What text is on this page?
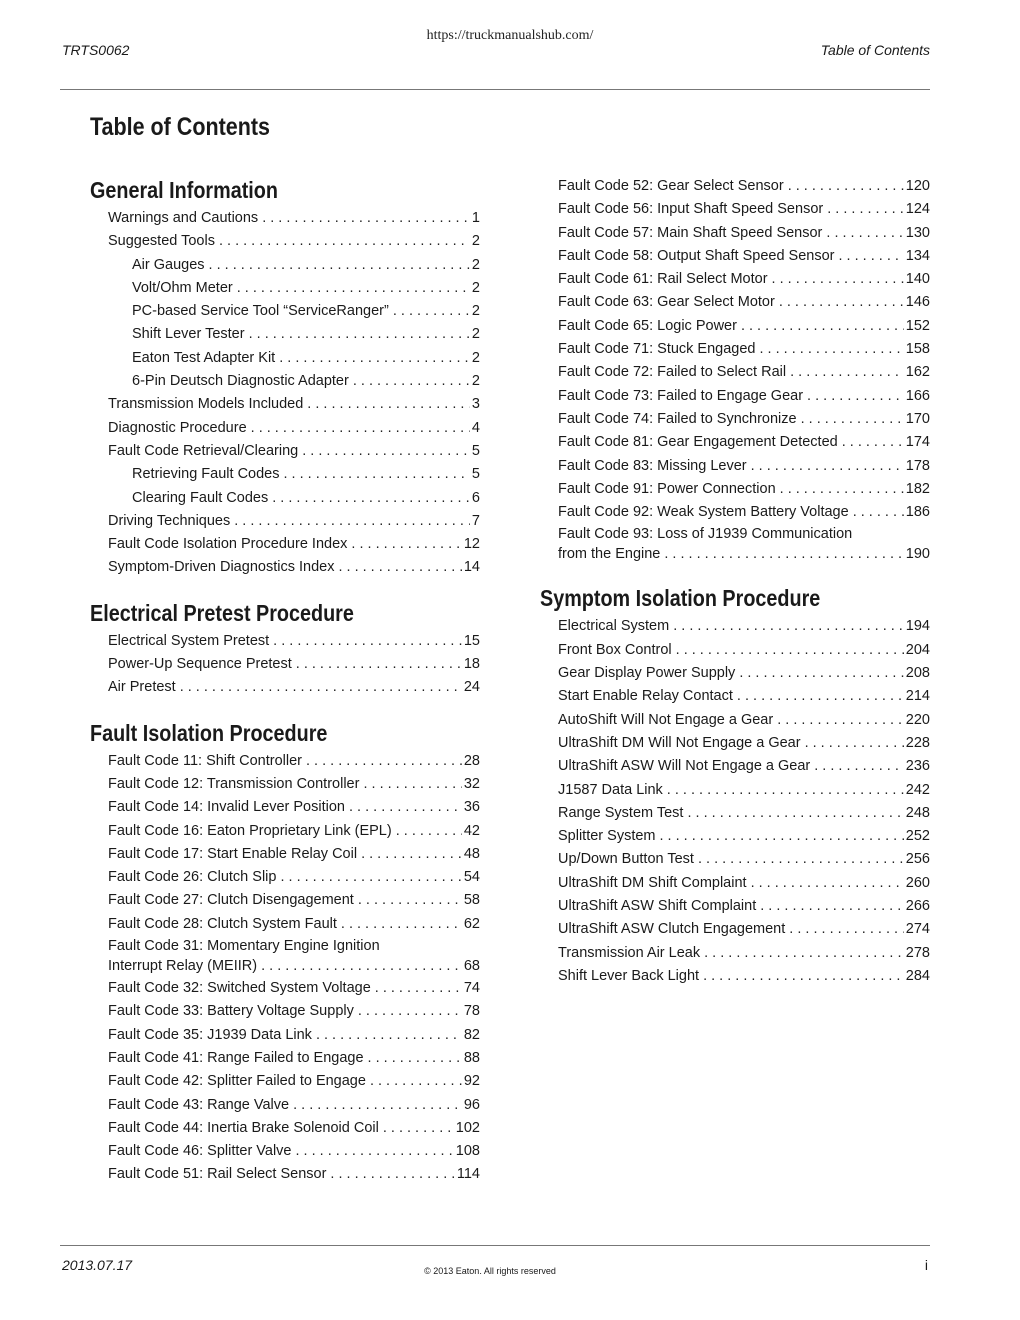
https://truckmanualshub.com/
TRTS0062	Table of Contents
Table of Contents
General Information
Warnings and Cautions . . .	1
Suggested Tools . . .	2
Air Gauges . . .	2
Volt/Ohm Meter . . .	2
PC-based Service Tool “ServiceRanger” . . .	2
Shift Lever Tester . . .	2
Eaton Test Adapter Kit . . .	2
6-Pin Deutsch Diagnostic Adapter . . .	2
Transmission Models Included . . .	3
Diagnostic Procedure . . .	4
Fault Code Retrieval/Clearing . . .	5
Retrieving Fault Codes . . .	5
Clearing Fault Codes . . .	6
Driving Techniques . . .	7
Fault Code Isolation Procedure Index . . .	12
Symptom-Driven Diagnostics Index . . .	14
Electrical Pretest Procedure
Electrical System Pretest . . .	15
Power-Up Sequence Pretest . . .	18
Air Pretest . . .	24
Fault Isolation Procedure
Fault Code 11: Shift Controller . . .	28
Fault Code 12: Transmission Controller . . .	32
Fault Code 14: Invalid Lever Position . . .	36
Fault Code 16: Eaton Proprietary Link (EPL) . . .	42
Fault Code 17: Start Enable Relay Coil . . .	48
Fault Code 26: Clutch Slip . . .	54
Fault Code 27: Clutch Disengagement . . .	58
Fault Code 28: Clutch System Fault . . .	62
Fault Code 31: Momentary Engine Ignition
Interrupt Relay (MEIIR) . . .	68
Fault Code 32: Switched System Voltage . . .	74
Fault Code 33: Battery Voltage Supply . . .	78
Fault Code 35: J1939 Data Link . . .	82
Fault Code 41: Range Failed to Engage . . .	88
Fault Code 42: Splitter Failed to Engage . . .	92
Fault Code 43: Range Valve . . .	96
Fault Code 44: Inertia Brake Solenoid Coil . . .	102
Fault Code 46: Splitter Valve . . .	108
Fault Code 51: Rail Select Sensor . . .	114
Fault Code 52: Gear Select Sensor . . .	120
Fault Code 56: Input Shaft Speed Sensor . . .	124
Fault Code 57: Main Shaft Speed Sensor . . .	130
Fault Code 58: Output Shaft Speed Sensor . . .	134
Fault Code 61: Rail Select Motor . . .	140
Fault Code 63: Gear Select Motor . . .	146
Fault Code 65: Logic Power . . .	152
Fault Code 71: Stuck Engaged . . .	158
Fault Code 72: Failed to Select Rail . . .	162
Fault Code 73: Failed to Engage Gear . . .	166
Fault Code 74: Failed to Synchronize . . .	170
Fault Code 81: Gear Engagement Detected . . .	174
Fault Code 83: Missing Lever . . .	178
Fault Code 91: Power Connection . . .	182
Fault Code 92: Weak System Battery Voltage . . .	186
Fault Code 93: Loss of J1939 Communication
from the Engine . . .	190
Symptom Isolation Procedure
Electrical System . . .	194
Front Box Control . . .	204
Gear Display Power Supply . . .	208
Start Enable Relay Contact . . .	214
AutoShift Will Not Engage a Gear . . .	220
UltraShift DM Will Not Engage a Gear . . .	228
UltraShift ASW Will Not Engage a Gear . . .	236
J1587 Data Link . . .	242
Range System Test . . .	248
Splitter System . . .	252
Up/Down Button Test . . .	256
UltraShift DM Shift Complaint . . .	260
UltraShift ASW Shift Complaint . . .	266
UltraShift ASW Clutch Engagement . . .	274
Transmission Air Leak . . .	278
Shift Lever Back Light . . .	284
2013.07.17	© 2013 Eaton. All rights reserved	i
